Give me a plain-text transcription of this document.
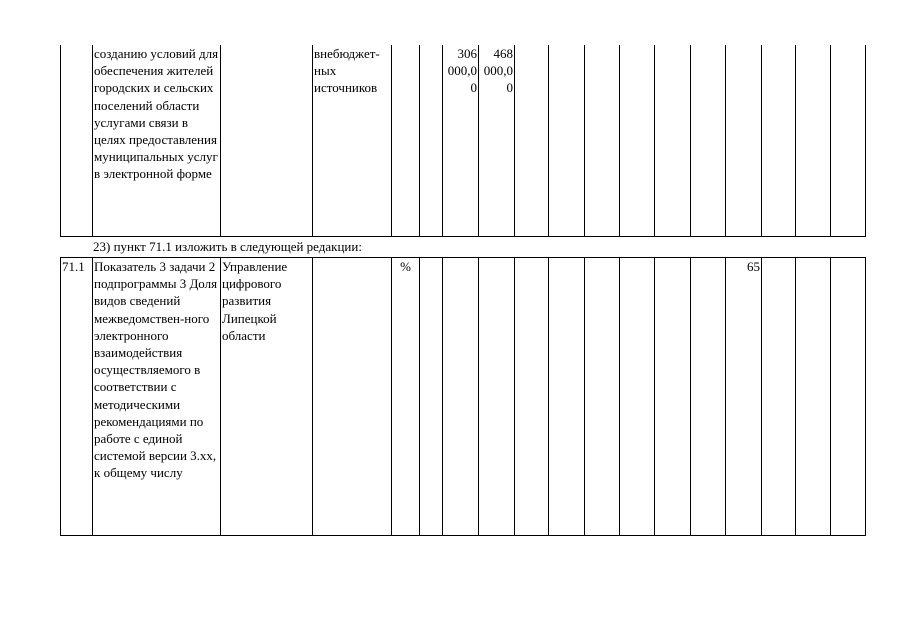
	созданию условий для обеспечения жителей городских и сельских поселений области услугами связи в целях предоставления муниципальных услуг в электронной форме		внебюджет-ных источников			306 000,0 0	468 000,0 0										
23) пункт 71.1 изложить в следующей редакции:
71.1	Показатель 3 задачи 2 подпрограммы 3 Доля видов сведений межведомствен-ного электронного взаимодействия осуществляемого в соответствии с методическими рекомендациями по работе с единой системой версии 3.хх, к общему числу	Управление цифрового развития Липецкой области		%										65			
